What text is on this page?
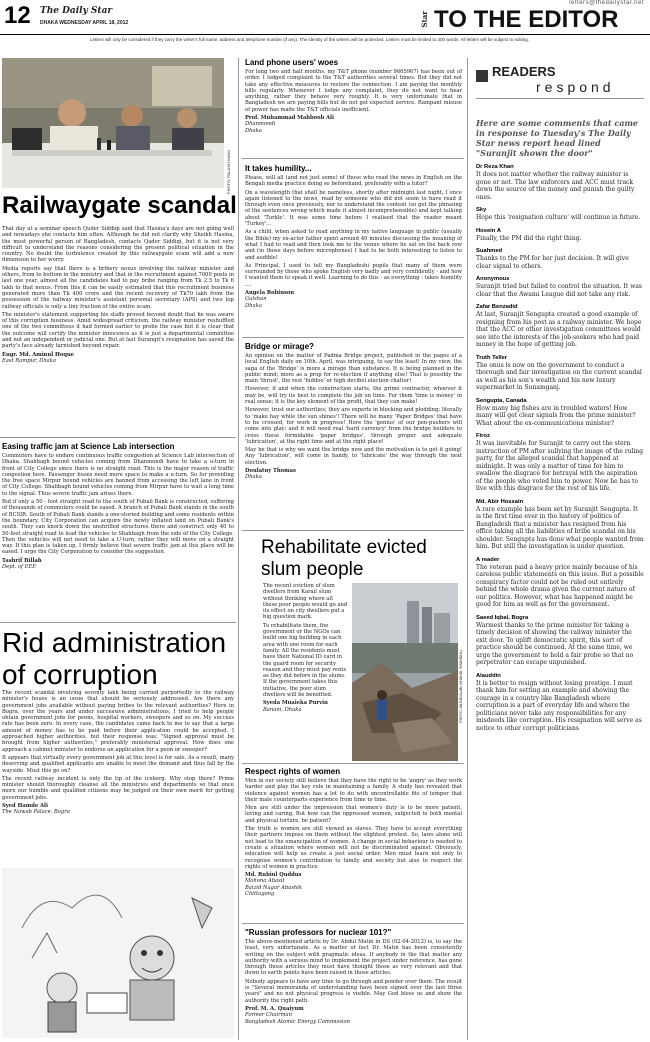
12 The Daily Star
DHAKA WEDNESDAY APRIL 18, 2012
letters@thedailystar.net
Star TO THE EDITOR
Letters will only be considered if they carry the writer's full name, address and telephone number (if any). The identity of the writers will be protected. Letters must be limited to 300 words. All letters will be subject to editing.
PHOTO: PALASH KHAN
Railwaygate scandal

That day at a seminar speech Quder Siddiqi said that Hasina's days are not going well and nowadays she contacts him often. Although he did not clarify why Sheikh Hasina, the most powerful person of Bangladesh, contacts Qader Siddiqi, but it is not very difficult to understand the reasons considering the present political situation in the country. No doubt the turbulence created by this railwaygate scam will add a new dimension to her worry.

Media reports say that there is a bribery nexus involving the railway minister and others, from to bottom in the ministry and that in the recruitment against 7000 posts in last one year, almost all the candidates had to pay bribe ranging from Tk 2.5 to Tk 6 lakh to that nexus. From this it can be easily estimated that this recruitment business generated more than Tk 400 crore and the recent recovery of Tk70 lakh from the possession of the railway minister's assistant personal secretary (APS) and two top railway officials is only a tiny fraction of the entire scam.

The minister's statement supporting his staffs proved beyond doubt that he was aware of this corruption business. Amid widespread criticism, the railway minister reshuffled one of the two committees it had formed earlier to probe the case but it is clear that the outcome will certify the minister innocence as it is just a departmental committee and not an independent or judicial one. But at last Surangit's resignation has saved the party's face already tarnished beyond repair.

Engr. Md. Aminul Hoque
East Rampur, Dhaka
Easing traffic jam at Science Lab intersection

Commuters have to endure continuous traffic congestion at Science Lab intersection of Dhaka. Shahbagh bound vehicles coming from Dhanmondi have to take a u-turn in front of City College since there is no straight road. This is the major reason of traffic congestion here. Passenger buses need more space to make a u-turn. So for providing the free space Mirpur bound vehicles are banned from accessing the left lane in front of City College. Shahbagh bound vehicles coming from Mirpur have to wait a long time to the signal. Thus severe traffic jam arises there.

But if only a 50 - foot straight road to the south of Pubali Bank is constructed, suffering of thousands of commuters could be eased. A branch of Pubali Bank stands in the south of BCSIR. South of Pubali Bank stands a one-storied building and some residents within the boundary. City Corporation can acquire the newly inflated land on Pubali Bank's south. They can knock down the unshrilled structures there and construct only 40 to 50-foot straight road to lead the vehicles to Shahbagh from the side of the City College. Then the vehicles will not need to take a U-turn, rather they will move on a straight way. If this plan is taken up, I firmly believe that severe traffic jam at this place will be eased. I urge the City Corporation to consider the suggestion.

Tashrif Billah
Dept. of EEE
Rid administration of corruption

The recent scandal involving seventy lakh being carried purportedly to the railway minister's house is an issue that should be seriously addressed. Are there any government jobs available without paying bribes to the relevant authorities? Here in Bogra, over the years and under successive administrations, I tried to help people obtain government jobs for peons, hospital workers, sweepers and so on. My success rate has been zero. In every case, the candidates came back to me to say that a large amount of money has to be paid before their application could be accepted. I approached higher authorities, but their response was: "Signed approval must be brought from higher authorities," preferably ministerial approval. How does one approach a cabinet minister to endorse an application for a peon or sweeper?

It appears that virtually every government job at this level is for sale. As a result, many deserving and qualified applicants are unable to meet the demand and thus fall by the wayside. Must this go on?

The recent railway incident is only the tip of the iceberg. Why stop there? Prime minister should thoroughly cleanse all the ministries and departments so that once more our humble and qualified citizens may be judged on their own merit for getting government jobs.

Syed Hamde Ali
The Nawab Palace, Bogra
Land phone users' woes

For long two and half months, my T&T phone (number 9665967) has been out of order. I lodged complaint to the T&T authorities several times. But they did not take any effective measures to restore the connection. I am paying the monthly bills regularly. Whenever I lodge any complaint, they do not want to hear anything, rather they behave very roughly. It is very unfortunate that in Bangladesh we are paying bills but do not get expected service. Rampant misuse of power has made the T&T officials inefficient.

Prof. Muhammad Mahboob Ali
Dhanmondi
Dhaka
It takes humility...

Please, will all (and not just some) of those who read the news in English on the Bengali media practice doing so beforehand, preferably with a tutor?

On a wavelength that shall be nameless, shortly after midnight last night, I once again listened to the news, read by someone who did not seem to have read it through even once previously, nor to understand the content (so got the phrasing of the sentences wrong which made it almost incomprehensible) and kept talking about 'Turkle'. It was some time before I realised that the reader meant 'Turkey'...

As a child, when asked to read anything in my native language in public (usually the Bible) my ex-actor father spent around 40 minutes discussing the meaning of what I had to read and then took me to the venue where he sat on the back row and (in those days before microphones) I had to be both interesting to listen to and audible!

As Principal, I used to tell my Bangladeshi pupils that many of them were surrounded by those who spoke English very badly and very confidently - and how I wanted them to speak it well. Learning to do this - as everything - takes humility ....

Angela Robinson
Gulshan
Dhaka
Bridge or mirage?

An opinion on the matter of Padma Bridge project, published in the pages of a local English daily on 10th. April, was intriguing, to say the least! In my view, the saga of the 'Bridge' is more a mirage than substance. It is being planned in the public mind; more as a prop for re-election if anything else! That is possibly the main 'thrust', the rest 'fuddoo' or high decibel election chatter!

However, if and when the construction starts, the prime contractor, whoever it may be, will try its best to complete the job on time. For them 'time is money' in real sense; it is the key element of the profit, that they can make!

However, trust our authorities; they are experts in blocking and plodding; literally to 'make hay while the sun shines'! There will be many 'Paper Bridges' that have to be crossed, for work in progress! Here the 'genius' of our pen-pushers will come into play; and it will need real 'hard currency' from the bridge builders to cross these formidable 'paper bridges', through proper and adequate 'lubrication', at the right time and at the right place!

May be that is why we want the bridge now and the motivation is to get it going! Any 'lubrication', will come in handy, to 'lubricate' the way through the next election.

Doulatuy Thomas
Dhaka
Rehabilitate evicted slum people

The recent eviction of slum dwellers from Karail slum without thinking where all these poor people would go and its effect on city dwellers put a big question mark.

To rehabilitate them, the government or the NGOs can build one big building in each area with one room for each family. All the residents must have their National ID card in the guard room for security reason and they must pay rents as they did before in the slums. If the government takes this initiative, the poor slum dwellers will be benefited.

Syeda Muaieka Purvin
Banani, Dhaka	PHOTO: ANJUM ALAM (SHAHID, SHAHIDUL)
Respect rights of women

Men in our society still believe that they have the right to be 'angry' as they work harder and play the key role in maintaining a family. A study has revealed that violence against women has a lot to do with uncontrollable fits of temper that their male counterparts experience from time to time.

Men are still under the impression that women's duty is to be more patient, loving and caring. But how can the oppressed women, subjected to both mental and physical torture, be patient?

The truth is women are still viewed as slaves. They have to accept everything their partners impose on them without the slightest protest. So, laws alone will not lead to the emancipation of women. A change in social behaviour is needed to create a situation where women will not be discriminated against. Obviously, education will help us create a just social order. Men must learn not only to recognise women's contribution to family and society but also to respect the rights of women in practice.

Md. Rubiul Quddus
Mohona Abasit
Baizid Nagar Abashik
Chittagong
"Russian professors for nuclear 101?"

The above-mentioned article by Dr. Abdul Matin in DS (02-04-2012) is, to say the least, very unfortunate. As a matter of fact Dr. Matin has been consistently writing on the subject with pragmatic ideas. If anybody in the that matter any authority with a serious mind to implement the project under reference, has gone through those articles they must have thought those as very relevant and that down to earth points have been raised in those articles.

Nobody appears to have any time to go through and ponder over them. The result is "Several memoranda of understanding have been signed over the last three years" and no not physical progress is visible. May God bless us and show the authority the right path.

Prof. M. A. Quaiyum
Former Chairman
Bangladesh Atomic Energy Commission
READERS
respond
Here are some comments that came in response to Tuesday's The Daily Star news report head lined "Suranjit shown the door"
Dr Reza Khan

It does not matter whether the railway minister is gone or not. The law enforcers and ACC must track down the source of the money and punish the guilty ones.

Sky

Hope this 'resignation culture' will continue in future.

Hosein A

Finally, the PM did the right thing.

Suahmed

Thanks to the PM for her just decision. It will give clear signal to others.

Anonymous

Suranjit tried but failed to control the situation. It was clear that the Awami League did not take any risk.

Zafar Benzadid

At last, Suranjit Sengupta created a good example of resigning from his post as a railway minister. We hope that the ACC or other investigation committees would see into the interests of the job-seekers who had paid money in the hope of getting job.

Truth Teller

The onus is now on the government to conduct a thorough and fair investigation on the current scandal as well as his son's wealth and his new luxury supermarket in Sunamganj.

Sengupta, Canada

How many big fishes are in troubled waters! How many will get clear signals from the prime minister? What about the ex-communications minister?

Firoz

It was inevitable for Suranjit to carry out the stern instruction of PM after sullying the image of the ruling party, for the alleged scandal that happened at midnight. It was only a matter of time for him to swallow the disgrace for betrayal with the aspiration of the people who voted him to power. Now he has to live with this disgrace for the rest of his life.

Md. Abir Hossain

A rare example has been set by Suranjit Sengupta. It is the first time ever in the history of politics of Bangladesh that a minister has resigned from his office taking all the liabilities of bribe scandal on his shoulder. Sengupta has done what people wanted from him. But still the investigation is under question.

A reader

The veteran paid a heavy price mainly because of his careless public statements on this issue. But a possible conspiracy factor could not be ruled out entirely behind the whole drama given the current nature of our politics. However, what has happened might be good for him as well as for the government.

Saeed Iqbal, Bogra

Warmest thanks to the prime minister for taking a timely decision of showing the railway minister the exit door. To uplift democratic spirit, this sort of practice should be continued. At the same time, we urge the government to hold a fair probe so that no perpetrator can escape unpunished.

Alauddin

It is better to resign without losing prestige. I must thank him for setting an example and showing the courage in a country like Bangladesh where corruption is a part of everyday life and where the politicians never take any responsibilities for any misdeeds like corruption. His resignation will serve as notice to other corrupt politicians
